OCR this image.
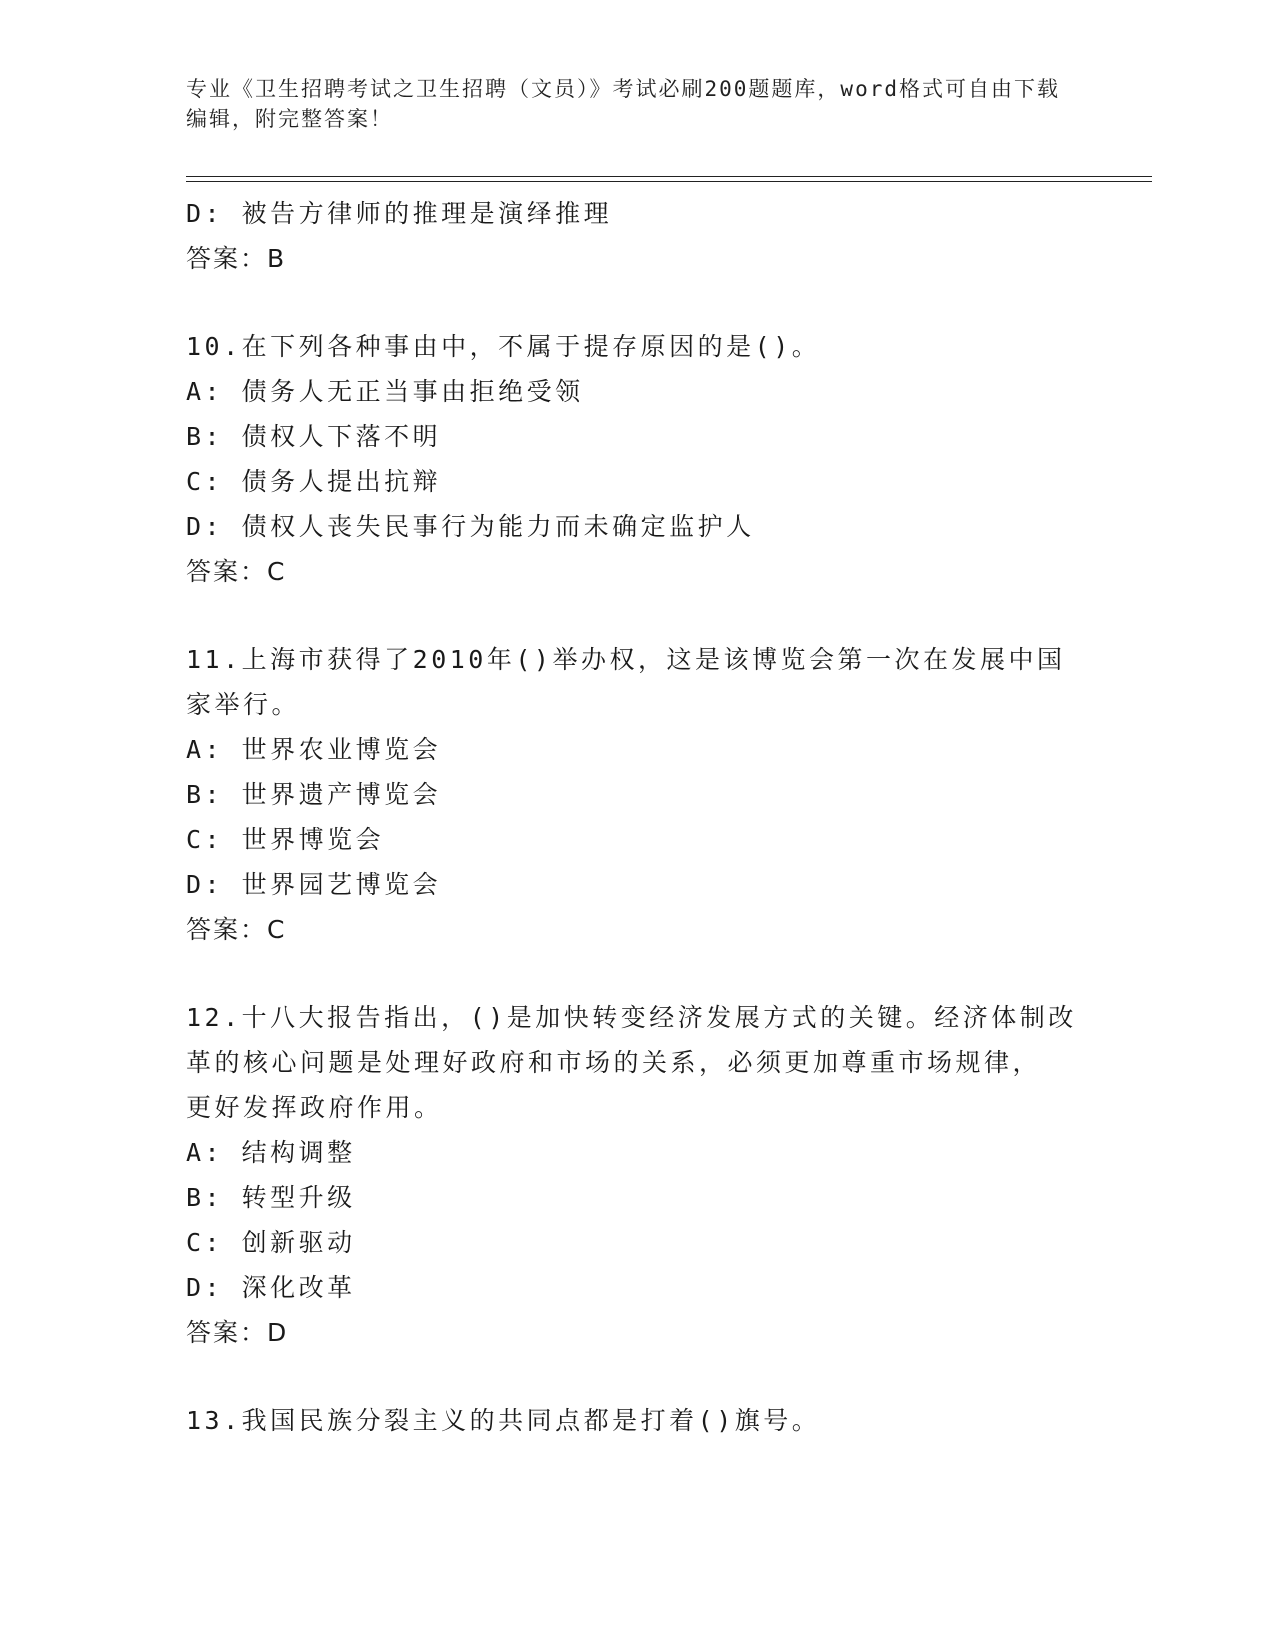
专业《卫生招聘考试之卫生招聘（文员）》考试必刷200题题库，word格式可自由下载编辑，附完整答案！
D: 被告方律师的推理是演绎推理
答案：B
10.在下列各种事由中，不属于提存原因的是()。
A: 债务人无正当事由拒绝受领
B: 债权人下落不明
C: 债务人提出抗辩
D: 债权人丧失民事行为能力而未确定监护人
答案：C
11.上海市获得了2010年()举办权，这是该博览会第一次在发展中国
家举行。
A: 世界农业博览会
B: 世界遗产博览会
C: 世界博览会
D: 世界园艺博览会
答案：C
12.十八大报告指出，()是加快转变经济发展方式的关键。经济体制改
革的核心问题是处理好政府和市场的关系，必须更加尊重市场规律，
更好发挥政府作用。
A: 结构调整
B: 转型升级
C: 创新驱动
D: 深化改革
答案：D
13.我国民族分裂主义的共同点都是打着()旗号。
